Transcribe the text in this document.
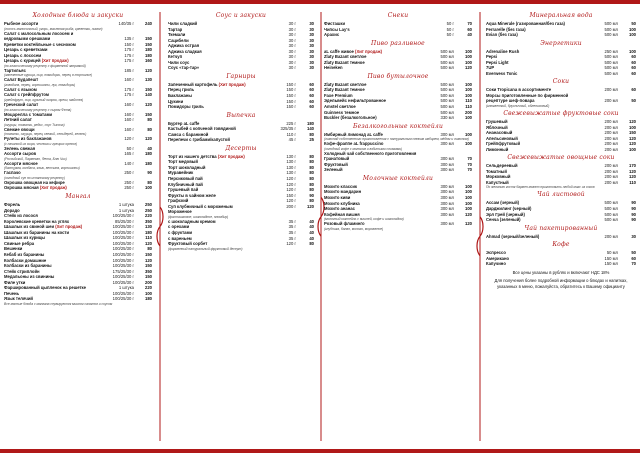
Холодные блюда и закуски
Рыбное ассорти	140/35 г	240
(лосось малосольный, угорь, масляная рыба, креветки, лимон)
Салат с малосольным лососем и
кедровыми орешками	135 г	150
Креветки коктейльные с чесноком	150 г	150
Цезарь с креветками	175 г	180
Цезарь с лососем	175 г	180
Цезарь с курицей (Хит продаж)	175 г	160
(по классическому рецепту с фирменной заправкой)
Тартильяс	185 г	120
(запеченные курица, сыр, помидоры, перец в тортилье)
Салат Будапешт	160 г	130
(говядина, перец, корнишоны, лук, помидоры)
Салат с языком	175 г	150
Салат с грейпфрутом	175 г	140
(грейпфрут, сыр, куриный окорок, орехи, майонез)
Греческий салат	160 г	120
(по классическому рецепту с сыром Фета)
Моцарелла с томатами	160 г	150
Летний салат	160 г	80
(огурцы, томаты, редис, соус Тысяча)
Свежие овощи	160 г	80
(томаты, огурцы, перец свежий, сельдерей, зелень)
Рулеты из баклажанов	120 г	120
(с начинкой из сыра, чеснока и грецких орехов)
Зелень свежая	50 г	40
Ассорти сыров	165 г	180
(Российский, Пармезан, Фета, Блю Чиз)
Ассорти мясное	140 г	180
(бастурма, колбаса, язык, ветчина, корнишоны)
Гаспачо	250 г	90
(холодный суп по испанскому рецепту)
Окрошка овощная на кефире	250 г	80
Окрошка мясная (Хит продаж)	250 г	100
Мангал
Форель	1 штука	250
Дорадо	1 штука	250
Стейк из лосося	100/25/30 г	220
Королевские креветки на углях	85/25/30 г	350
Шашлык из свиной шеи (Хит продаж)	100/25/30 г	130
Шашлык из баранины на кости	100/25/30 г	180
Шашлык из курицы	100/25/30 г	110
Свиные ребра	100/25/30 г	120
Вешенки	100/25/30 г	80
Кебаб из баранины	100/25/30 г	150
Колбаски домашние	100/25/30 г	120
Колбаски из баранины	100/25/30 г	150
Стейк стриплойн	175/25/30 г	350
Медальоны из свинины	100/25/30 г	150
Филе утки	100/25/30 г	200
Фаршированный цыпленок на решетке	1 штука	220
Печень	100/25/30 г	100
Язык телячий	100/25/30 г	180
Все мясные блюда с мангала сервируются миксом салатов и соусом
Соус и закуски
Чили сладкий	30 г	30
Тартар	30 г	30
Ткемали	30 г	30
Сацибели	30 г	30
Аджика острая	30 г	30
Аджика сладкая	30 г	30
Кетчуп	30 г	30
Чили соус	30 г	30
Соус «тар-тар»	30 г	30
Гарниры
Запеченный картофель (Хит продаж)	150 г	60
Перец гриль	150 г	60
Баклажаны	150 г	60
Цукини	150 г	60
Помидоры гриль	150 г	60
Выпечка
Бургер aL caffe	225 г	180
Кастыбей с копченой говядиной	325/35 г	140
Самса с бараниной	110 г	80
Перепечи с грибами/капустой	45 г	25
Десерты
Торт из нашего детства (Хит продаж)	130 г	80
Торт медовый	130 г	80
Торт шоколадный	130 г	80
Муравейник	130 г	80
Персиковый пай	120 г	80
Клубничный пай	120 г	80
Грушевый пай	120 г	80
Фрукты в чайном желе	150 г	90
Графский	120 г	80
Суп клубничный с мороженым	200 г	120
Мороженое
(фисташковое, шоколадное, пломбир)
с шоколадным кремом	35 г	40
с орехами	35 г	40
с фруктами	35 г	40
с вареньем	35 г	40
Фруктовый сорбет	120 г	80
(фирменный натуральный фруктовый десерт)
Снеки
Фисташки	50 г	70
Чипсы Lay's	50 г	60
Арахис	50 г	40
Пиво разливное
aL caffe живое (Хит продаж)	500 мл	100
Zlaty Bazant светлое	500 мл	100
Zlaty Bazant темное	500 мл	100
Heineken	500 мл	120
Пиво бутылочное
Zlaty Bazant светлое	500 мл	100
Zlaty Bazant темное	500 мл	100
Faxe Premium	500 мл	100
Эдельвейс нефильтрованное	500 мл	110
Amstel светлое	500 мл	110
Guinness темное	500 мл	200
Buckler (безалкогольное)	330 мл	100
Безалкогольные коктейли
Имбирный лимонад aL caffe	300 мл	100
(лимонад собственного приготовления с натуральным свежим имбирем, мёдом и лимоном)
Кофе-фраппе aL frappuccino	300 мл	100
(холодный кофе с молоком и взбитыми сливками)
Холодный чай собственного приготовления
Гранатовый	300 мл	70
Фруктовый	300 мл	70
Зеленый	300 мл	70
Молочные коктейли
Мохито классик	300 мл	100
Мохито мандарин	300 мл	100
Мохито киви	300 мл	100
Мохито клубника	300 мл	100
Мохито ананас	300 мл	100
Кофейная вишня	300 мл	120
(молочный коктейль с вишней, кофе и шоколадом)
Розовый фламинго	300 мл	120
(клубника, банан, молоко, мороженое)
Минеральная вода
Aqua Minerale (газированная/без газа)	500 мл	50
Ferrarelle (без газа)	500 мл	100
Evian (без газа)	500 мл	100
Энергетики
Adrenaline Rush	250 мл	100
Pepsi	500 мл	60
Pepsi Light	500 мл	60
7UP	500 мл	60
Everwess Tonic	500 мл	60
Соки
Соки Tropicana в ассортименте	200 мл	60
Морсы приготовленные по фирменной
рецептуре шеф-повара	200 мл	50
(клюквенный, брусничный, облепиховый)
Свежевыжатые фруктовые соки
Грушевый	200 мл	120
Яблочный	200 мл	100
Ананасовый	200 мл	150
Апельсиновый	200 мл	120
Грейпфрутовый	200 мл	120
Лимонный	200 мл	100
Свежевыжатые овощные соки
Сельдереевый	200 мл	170
Томатный	200 мл	120
Морковный	200 мл	120
Капустный	200 мл	110
По желанию гостя бармен может приготовить любой микс из соков
Чай листовой
Ассам (черный)	500 мл	90
Дарджилинг (черный)	500 мл	90
Эрл Грей (черный)	500 мл	90
Сенча (зеленый)	500 мл	90
Чай пакетированный
Ahmad (черный/зеленый)	200 мл	30
Кофе
Эспрессо	50 мл	50
Американо	150 мл	60
Капучино	150 мл	70
Все цены указаны в рублях и включают НДС 18%
Для получения более подробной информации о блюдах и напитках, указанных в меню, пожалуйста, обратитесь к Вашему официанту
